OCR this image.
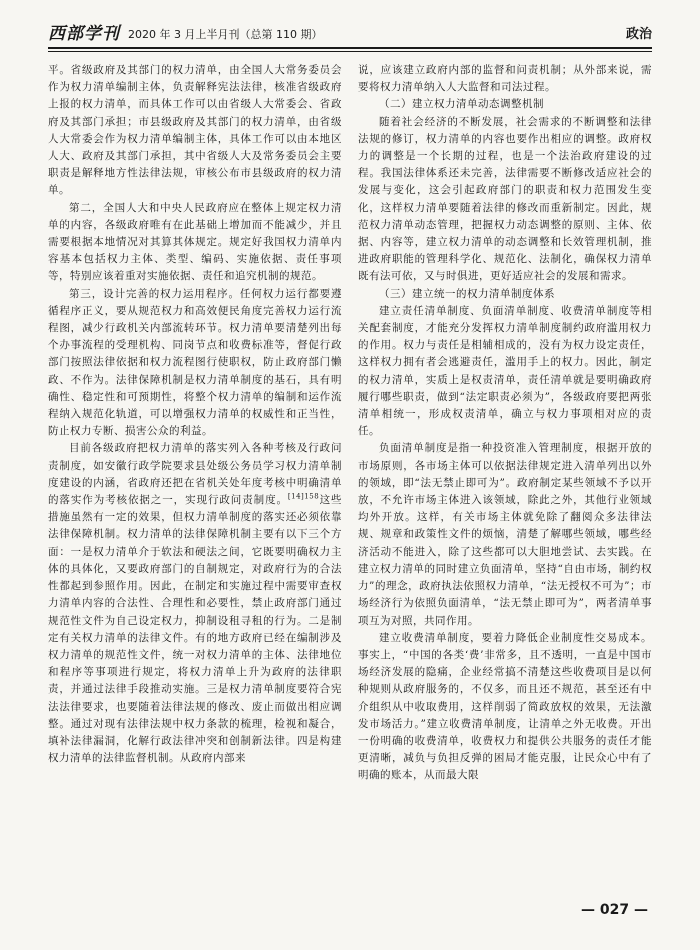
西部学刊 2020 年 3 月上半月刊（总第 110 期）	政治

平。省级政府及其部门的权力清单，由全国人大常务委员会作为权力清单编制主体，负责解释宪法法律，核准省级政府上报的权力清单，而具体工作可以由省级人大常委会、省政府及其部门承担；市县级政府及其部门的权力清单，由省级人大常委会作为权力清单编制主体，具体工作可以由本地区人大、政府及其部门承担，其中省级人大及常务委员会主要职责是解释地方性法律法规，审核公布市县级政府的权力清单。

第二，全国人大和中央人民政府应在整体上规定权力清单的内容，各级政府唯有在此基础上增加而不能减少，并且需要根据本地情况对其算其体规定。规定好我国权力清单内容基本包括权力主体、类型、编码、实施依据、责任事项等，特别应该着重对实施依据、责任和追究机制的规范。

第三，设计完善的权力运用程序。任何权力运行都要遵循程序正义，要从规范权力和高效便民角度完善权力运行流程图，减少行政机关内部流转环节。权力清单要清楚列出每个办事流程的受理机构、同岗节点和收费标准等，督促行政部门按照法律依据和权力流程图行使职权，防止政府部门懒政、不作为。法律保障机制是权力清单制度的基石，具有明确性、稳定性和可预期性，将整个权力清单的编制和运作流程纳入规范化轨道，可以增强权力清单的权威性和正当性，防止权力专断、损害公众的利益。

目前各级政府把权力清单的落实列入各种考核及行政问责制度，如安徽行政学院要求县处级公务员学习权力清单制度建设的内涵，省政府还把在省机关处年度考核中明确清单的落实作为考核依据之一，实现行政问责制度。$^{[14]158}$这些措施虽然有一定的效果，但权力清单制度的落实还必须依靠法律保障机制。权力清单的法律保障机制主要有以下三个方面：一是权力清单介于软法和硬法之间，它既要明确权力主体的具体化，又要政府部门的自制规定，对政府行为的合法性都起到参照作用。因此，在制定和实施过程中需要审查权力清单内容的合法性、合理性和必要性，禁止政府部门通过规范性文件为自己设定权力，抑制设租寻租的行为。二是制定有关权力清单的法律文件。有的地方政府已经在编制涉及权力清单的规范性文件，统一对权力清单的主体、法律地位和程序等事项进行规定，将权力清单上升为政府的法律职责，并通过法律手段推动实施。三是权力清单制度要符合宪法法律要求，也要随着法律法规的修改、废止而做出相应调整。通过对现有法律法规中权力条款的梳理，检视和凝合，填补法律漏洞，化解行政法律冲突和创制新法律。四是构建权力清单的法律监督机制。从政府内部来

说，应该建立政府内部的监督和问责机制；从外部来说，需要将权力清单纳入人大监督和司法过程。

（二）建立权力清单动态调整机制

随着社会经济的不断发展，社会需求的不断调整和法律法规的修订，权力清单的内容也要作出相应的调整。政府权力的调整是一个长期的过程，也是一个法治政府建设的过程。我国法律体系还未完善，法律需要不断修改适应社会的发展与变化，这会引起政府部门的职责和权力范围发生变化，这样权力清单要随着法律的修改而重新制定。因此，规范权力清单动态管理，把握权力动态调整的原则、主体、依据、内容等，建立权力清单的动态调整和长效管理机制，推进政府职能的管理科学化、规范化、法制化，确保权力清单既有法可依，又与时俱进，更好适应社会的发展和需求。

（三）建立统一的权力清单制度体系

建立责任清单制度、负面清单制度、收费清单制度等相关配套制度，才能充分发挥权力清单制度制约政府滥用权力的作用。权力与责任是相辅相成的，没有为权力设定责任，这样权力拥有者会逃避责任，滥用手上的权力。因此，制定的权力清单，实质上是权责清单，责任清单就是要明确政府履行哪些职责，做到“法定职责必须为”，各级政府要把两张清单相统一，形成权责清单，确立与权力事项相对应的责任。

负面清单制度是指一种投资准入管理制度，根据开放的市场原则，各市场主体可以依据法律规定进入清单列出以外的领域，即“法无禁止即可为”。政府制定某些领域不予以开放，不允许市场主体进入该领域，除此之外，其他行业领域均外开放。这样，有关市场主体就免除了翻阅众多法律法规、规章和政策性文件的烦恼，清楚了解哪些领域，哪些经济活动不能进入，除了这些都可以大胆地尝试、去实践。在建立权力清单的同时建立负面清单，坚持“自由市场，制约权力”的理念，政府执法依照权力清单，“法无授权不可为”；市场经济行为依照负面清单，“法无禁止即可为”，两者清单事项互为对照，共同作用。

建立收费清单制度，要着力降低企业制度性交易成本。事实上，“中国的各类‘费’非常多，且不透明，一直是中国市场经济发展的隐痛，企业经常搞不清楚这些收费项目是以何种规则从政府服务的，不仅多，而且还不规范，甚至还有中介组织从中收取费用，这样削弱了简政放权的效果，无法激发市场活力。”建立收费清单制度，让清单之外无收费。开出一份明确的收费清单，收费权力和提供公共服务的责任才能更清晰，减负与负担反弹的困局才能克服，让民众心中有了明确的账本，从而最大限

— 027 —
